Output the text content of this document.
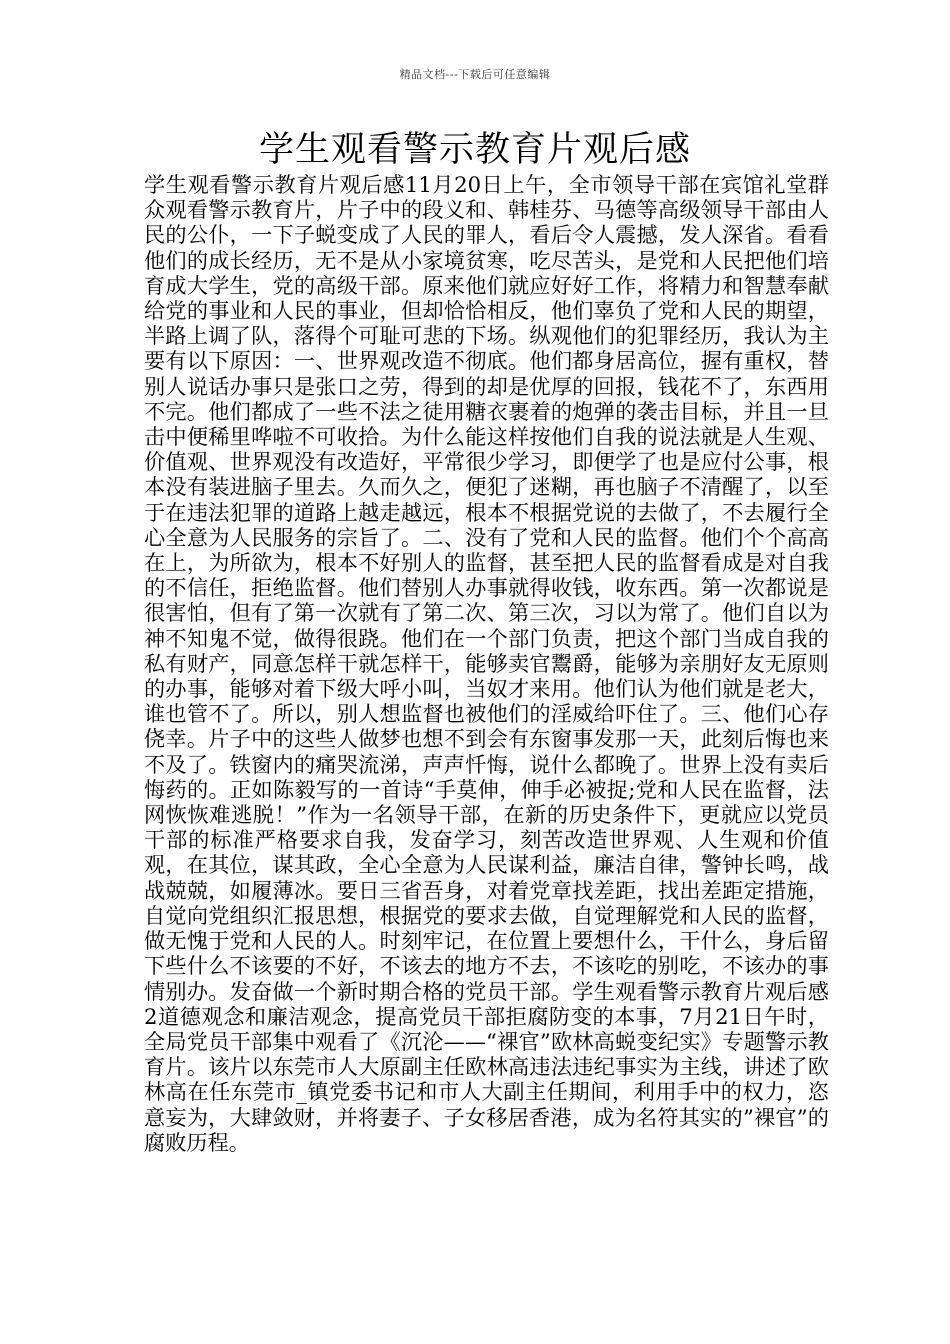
精品文档---下载后可任意编辑
学生观看警示教育片观后感

学生观看警示教育片观后感11月20日上午，全市领导干部在宾馆礼堂群众观看警示教育片，片子中的段义和、韩桂芬、马德等高级领导干部由人民的公仆，一下子蜕变成了人民的罪人，看后令人震撼，发人深省。看看他们的成长经历，无不是从小家境贫寒，吃尽苦头，是党和人民把他们培育成大学生，党的高级干部。原来他们就应好好工作，将精力和智慧奉献给党的事业和人民的事业，但却恰恰相反，他们辜负了党和人民的期望，半路上调了队，落得个可耻可悲的下场。纵观他们的犯罪经历，我认为主要有以下原因：一、世界观改造不彻底。他们都身居高位，握有重权，替别人说话办事只是张口之劳，得到的却是优厚的回报，钱花不了，东西用不完。他们都成了一些不法之徒用糖衣裹着的炮弹的袭击目标，并且一旦击中便稀里哗啦不可收拾。为什么能这样按他们自我的说法就是人生观、价值观、世界观没有改造好，平常很少学习，即便学了也是应付公事，根本没有装进脑子里去。久而久之，便犯了迷糊，再也脑子不清醒了，以至于在违法犯罪的道路上越走越远，根本不根据党说的去做了，不去履行全心全意为人民服务的宗旨了。二、没有了党和人民的监督。他们个个高高在上，为所欲为，根本不好别人的监督，甚至把人民的监督看成是对自我的不信任，拒绝监督。他们替别人办事就得收钱，收东西。第一次都说是很害怕，但有了第一次就有了第二次、第三次，习以为常了。他们自以为神不知鬼不觉，做得很跷。他们在一个部门负责，把这个部门当成自我的私有财产，同意怎样干就怎样干，能够卖官鬻爵，能够为亲朋好友无原则的办事，能够对着下级大呼小叫，当奴才来用。他们认为他们就是老大，谁也管不了。所以，别人想监督也被他们的淫威给吓住了。三、他们心存侥幸。片子中的这些人做梦也想不到会有东窗事发那一天，此刻后悔也来不及了。铁窗内的痛哭流涕，声声忏悔，说什么都晚了。世界上没有卖后悔药的。正如陈毅写的一首诗“手莫伸，伸手必被捉;党和人民在监督，法网恢恢难逃脱！”作为一名领导干部，在新的历史条件下，更就应以党员干部的标准严格要求自我，发奋学习，刻苦改造世界观、人生观和价值观，在其位，谋其政，全心全意为人民谋利益，廉洁自律，警钟长鸣，战战兢兢，如履薄冰。要日三省吾身，对着党章找差距，找出差距定措施，自觉向党组织汇报思想，根据党的要求去做，自觉理解党和人民的监督，做无愧于党和人民的人。时刻牢记，在位置上要想什么，干什么，身后留下些什么不该要的不好，不该去的地方不去，不该吃的别吃，不该办的事情别办。发奋做一个新时期合格的党员干部。学生观看警示教育片观后感2道德观念和廉洁观念，提高党员干部拒腐防变的本事，7月21日午时，全局党员干部集中观看了《沉沦——“裸官”欧林高蜕变纪实》专题警示教育片。该片以东莞市人大原副主任欧林高违法违纪事实为主线，讲述了欧林高在任东莞市_镇党委书记和市人大副主任期间，利用手中的权力，恣意妄为，大肆敛财，并将妻子、子女移居香港，成为名符其实的”裸官”的腐败历程。
